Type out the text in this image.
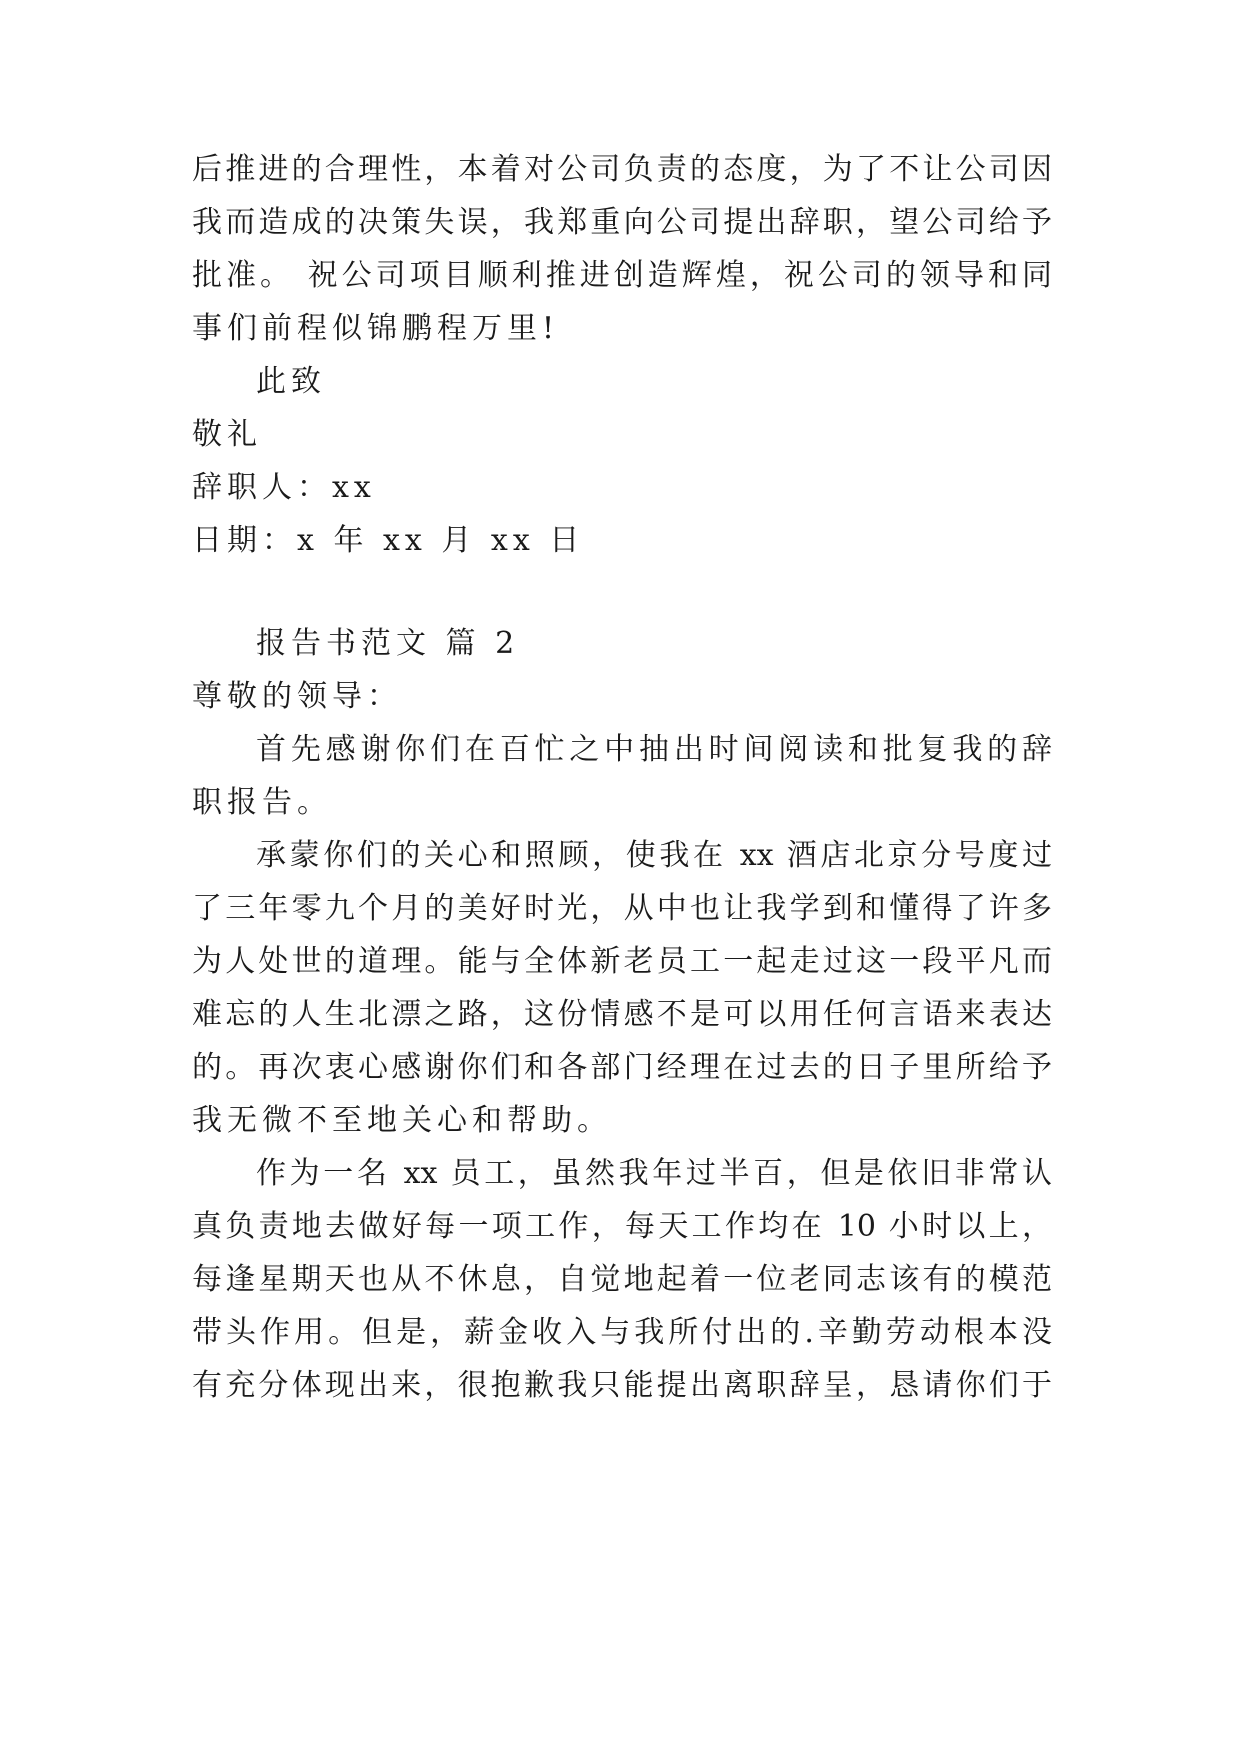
后推进的合理性，本着对公司负责的态度，为了不让公司因
我而造成的决策失误，我郑重向公司提出辞职，望公司给予
批准。 祝公司项目顺利推进创造辉煌，祝公司的领导和同
事们前程似锦鹏程万里!
此致
敬礼
辞职人：xx
日期：x 年 xx 月 xx 日
报告书范文 篇 2
尊敬的领导：
首先感谢你们在百忙之中抽出时间阅读和批复我的辞
职报告。
承蒙你们的关心和照顾，使我在 xx 酒店北京分号度过
了三年零九个月的美好时光，从中也让我学到和懂得了许多
为人处世的道理。能与全体新老员工一起走过这一段平凡而
难忘的人生北漂之路，这份情感不是可以用任何言语来表达
的。再次衷心感谢你们和各部门经理在过去的日子里所给予
我无微不至地关心和帮助。
作为一名 xx 员工，虽然我年过半百，但是依旧非常认
真负责地去做好每一项工作，每天工作均在 10 小时以上，
每逢星期天也从不休息，自觉地起着一位老同志该有的模范
带头作用。但是，薪金收入与我所付出的.辛勤劳动根本没
有充分体现出来，很抱歉我只能提出离职辞呈，恳请你们于
